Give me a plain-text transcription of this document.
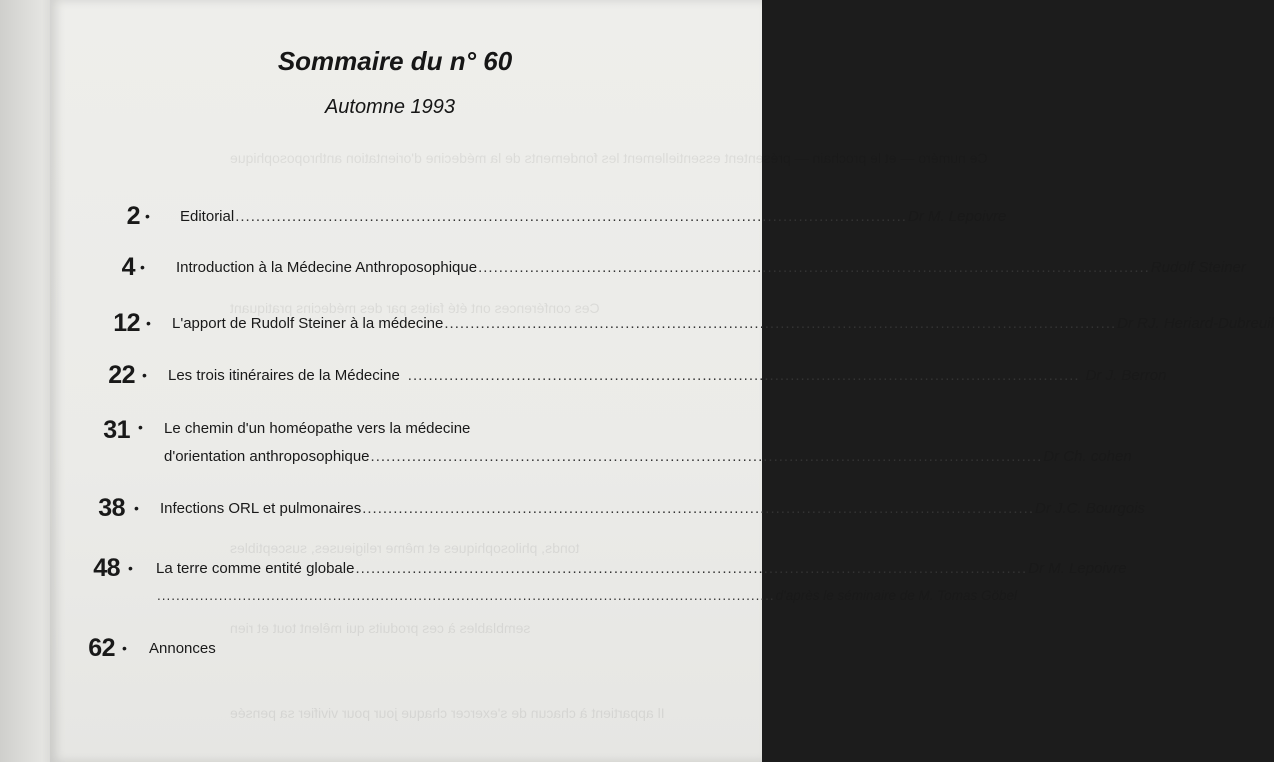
Ce numéro — et le prochain — présentent essentiellement les fondements de la médecine d'orientation anthroposophique
Ces conférences ont été faites par des médecins pratiquant
tonds, philosophiques et même religieuses, susceptibles
semblables à ces produits qui mêlent tout et rien
Il appartient à chacun de s'exercer chaque jour pour vivifier sa pensée
Sommaire du n° 60
Automne 1993
2 • Editorial .................................................................................................................................. Dr M. Lepoivre
4 • Introduction à la Médecine Anthroposophique .................................................................................................................................. Rudolf Steiner
12 • L'apport de Rudolf Steiner à la médecine .................................................................................................................................. Dr RJ. Heriard-Dubreuil
22 • Les trois itinéraires de la Médecine .................................................................................................................................. Dr J. Berron
31 • Le chemin d'un homéopathe vers la médecine
d'orientation anthroposophique .................................................................................................................................. Dr Ch. cohen
38 • Infections ORL et pulmonaires .................................................................................................................................. Dr J.C. Bourgois
48 • La terre comme entité globale .................................................................................................................................. Dr M. Lepoivre
.................................................................................................................................. d'après le séminaire de M. Tomas Göbel
62 • Annonces
